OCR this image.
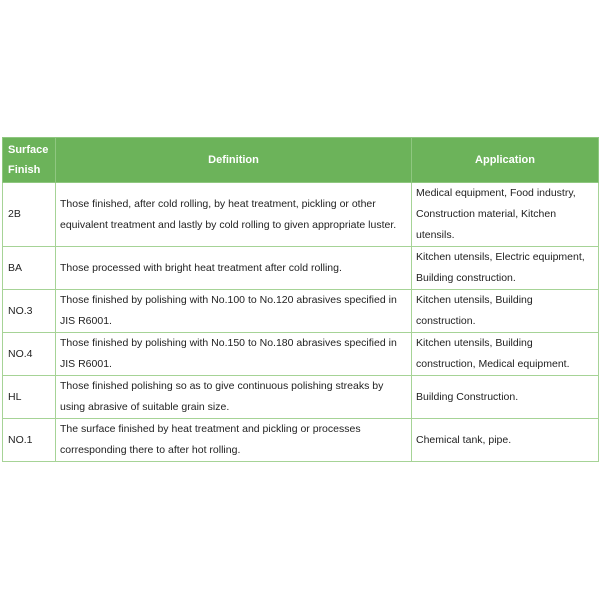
Surface Finish	Definition	Application
2B	Those finished, after cold rolling, by heat treatment, pickling or other equivalent treatment and lastly by cold rolling to given appropriate luster.	Medical equipment, Food industry, Construction material, Kitchen utensils.
BA	Those processed with bright heat treatment after cold rolling.	Kitchen utensils, Electric equipment, Building construction.
NO.3	Those finished by polishing with No.100 to No.120 abrasives specified in JIS R6001.	Kitchen utensils, Building construction.
NO.4	Those finished by polishing with No.150 to No.180 abrasives specified in JIS R6001.	Kitchen utensils, Building construction, Medical equipment.
HL	Those finished polishing so as to give continuous polishing streaks by using abrasive of suitable grain size.	Building Construction.
NO.1	The surface finished by heat treatment and pickling or processes corresponding there to after hot rolling.	Chemical tank, pipe.
